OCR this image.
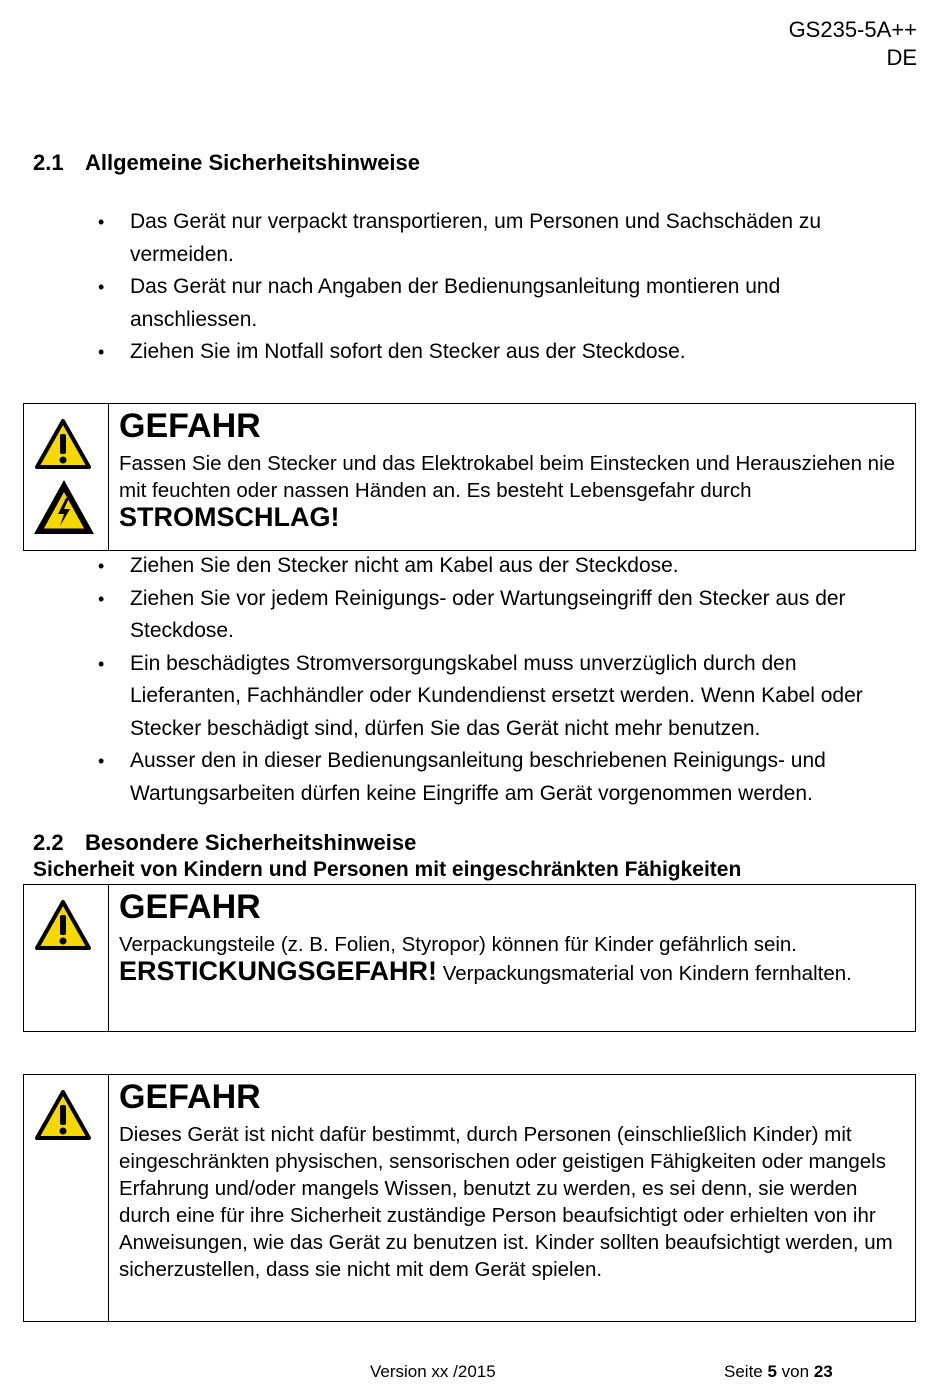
GS235-5A++
DE
2.1 Allgemeine Sicherheitshinweise
• Das Gerät nur verpackt transportieren, um Personen und Sachschäden zu vermeiden.
• Das Gerät nur nach Angaben der Bedienungsanleitung montieren und anschliessen.
• Ziehen Sie im Notfall sofort den Stecker aus der Steckdose.
GEFAHR
Fassen Sie den Stecker und das Elektrokabel beim Einstecken und Herausziehen nie mit feuchten oder nassen Händen an. Es besteht Lebensgefahr durch STROMSCHLAG!
• Ziehen Sie den Stecker nicht am Kabel aus der Steckdose.
• Ziehen Sie vor jedem Reinigungs- oder Wartungseingriff den Stecker aus der Steckdose.
• Ein beschädigtes Stromversorgungskabel muss unverzüglich durch den Lieferanten, Fachhändler oder Kundendienst ersetzt werden. Wenn Kabel oder Stecker beschädigt sind, dürfen Sie das Gerät nicht mehr benutzen.
• Ausser den in dieser Bedienungsanleitung beschriebenen Reinigungs- und Wartungsarbeiten dürfen keine Eingriffe am Gerät vorgenommen werden.
2.2 Besondere Sicherheitshinweise
Sicherheit von Kindern und Personen mit eingeschränkten Fähigkeiten
GEFAHR
Verpackungsteile (z. B. Folien, Styropor) können für Kinder gefährlich sein.
ERSTICKUNGSGEFAHR! Verpackungsmaterial von Kindern fernhalten.
GEFAHR
Dieses Gerät ist nicht dafür bestimmt, durch Personen (einschließlich Kinder) mit eingeschränkten physischen, sensorischen oder geistigen Fähigkeiten oder mangels Erfahrung und/oder mangels Wissen, benutzt zu werden, es sei denn, sie werden durch eine für ihre Sicherheit zuständige Person beaufsichtigt oder erhielten von ihr Anweisungen, wie das Gerät zu benutzen ist. Kinder sollten beaufsichtigt werden, um sicherzustellen, dass sie nicht mit dem Gerät spielen.
Version xx /2015	Seite 5 von 23
